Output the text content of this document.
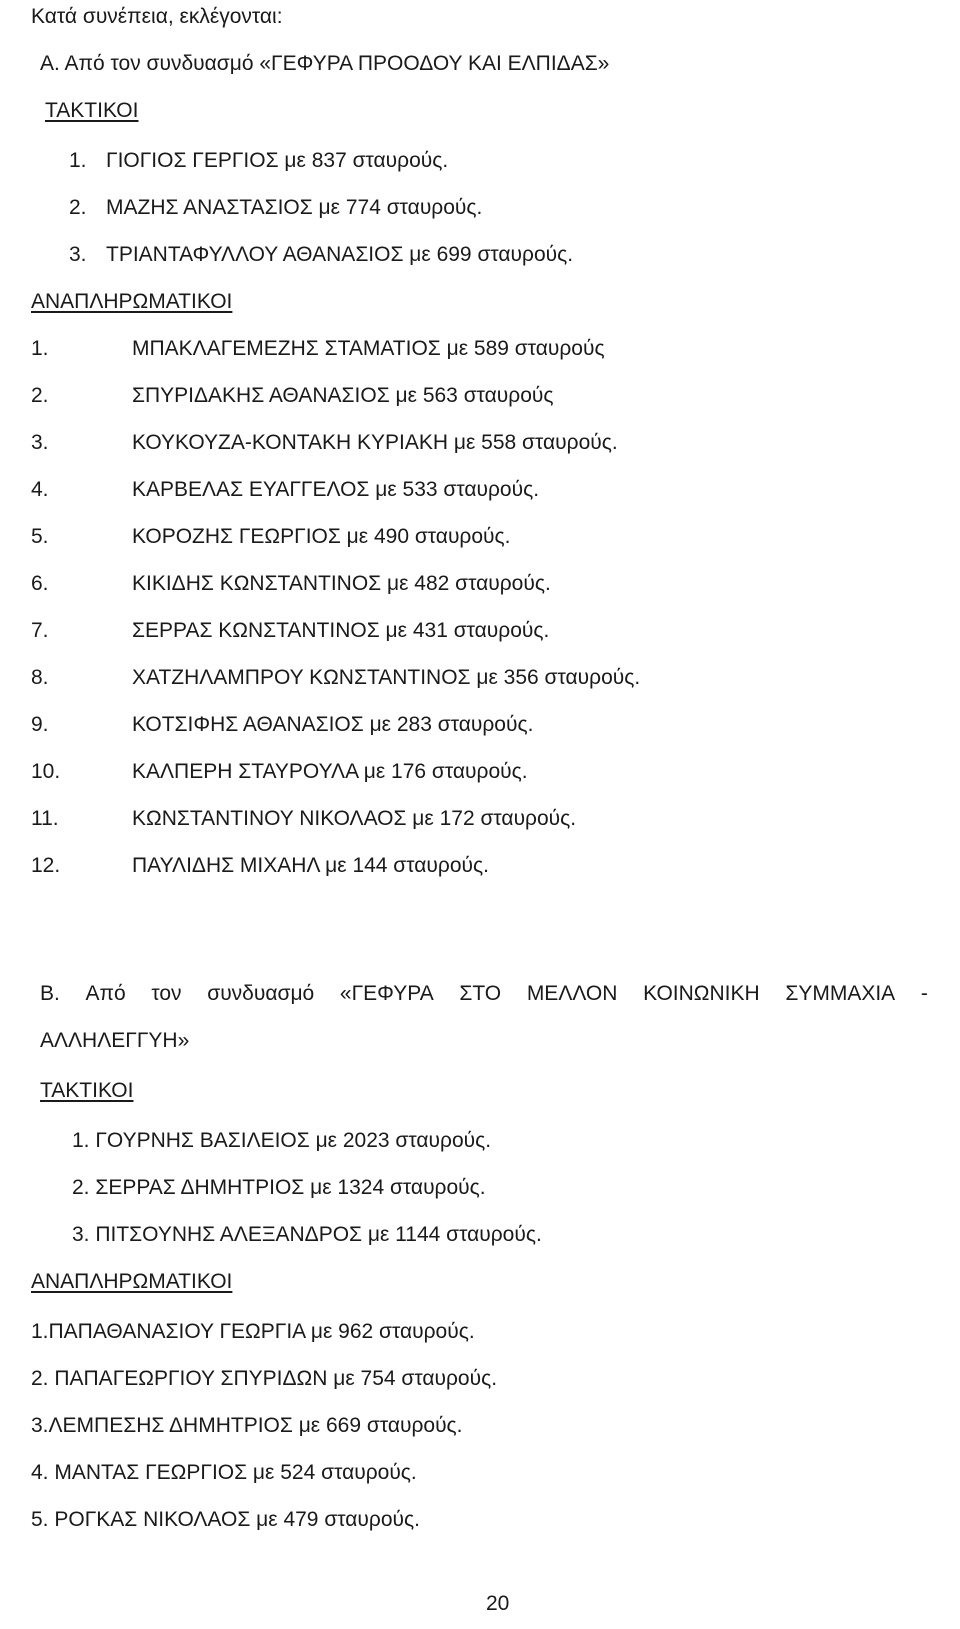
Κατά συνέπεια, εκλέγονται:
Α. Από τον συνδυασμό «ΓΕΦΥΡΑ ΠΡΟΟΔΟΥ ΚΑΙ ΕΛΠΙΔΑΣ»
ΤΑΚΤΙΚΟΙ
1. ΓΙΟΓΙΟΣ ΓΕΡΓΙΟΣ με 837 σταυρούς.
2. ΜΑΖΗΣ ΑΝΑΣΤΑΣΙΟΣ με 774 σταυρούς.
3. ΤΡΙΑΝΤΑΦΥΛΛΟΥ ΑΘΑΝΑΣΙΟΣ με 699 σταυρούς.
ΑΝΑΠΛΗΡΩΜΑΤΙΚΟΙ
1.	ΜΠΑΚΛΑΓΕΜΕΖΗΣ ΣΤΑΜΑΤΙΟΣ με 589 σταυρούς
2.	ΣΠΥΡΙΔΑΚΗΣ ΑΘΑΝΑΣΙΟΣ με 563 σταυρούς
3.	ΚΟΥΚΟΥΖΑ-ΚΟΝΤΑΚΗ ΚΥΡΙΑΚΗ με 558 σταυρούς.
4.	ΚΑΡΒΕΛΑΣ ΕΥΑΓΓΕΛΟΣ με 533 σταυρούς.
5.	ΚΟΡΟΖΗΣ ΓΕΩΡΓΙΟΣ με 490 σταυρούς.
6.	ΚΙΚΙΔΗΣ ΚΩΝΣΤΑΝΤΙΝΟΣ με 482 σταυρούς.
7.	ΣΕΡΡΑΣ ΚΩΝΣΤΑΝΤΙΝΟΣ με 431 σταυρούς.
8.	ΧΑΤΖΗΛΑΜΠΡΟΥ ΚΩΝΣΤΑΝΤΙΝΟΣ με 356 σταυρούς.
9.	ΚΟΤΣΙΦΗΣ ΑΘΑΝΑΣΙΟΣ με 283 σταυρούς.
10.	ΚΑΛΠΕΡΗ ΣΤΑΥΡΟΥΛΑ με 176 σταυρούς.
11.	ΚΩΝΣΤΑΝΤΙΝΟΥ ΝΙΚΟΛΑΟΣ με 172 σταυρούς.
12.	ΠΑΥΛΙΔΗΣ ΜΙΧΑΗΛ με 144 σταυρούς.
Β. Από τον συνδυασμό «ΓΕΦΥΡΑ ΣΤΟ ΜΕΛΛΟΝ ΚΟΙΝΩΝΙΚΗ ΣΥΜΜΑΧΙΑ -
ΑΛΛΗΛΕΓΓΥΗ»
ΤΑΚΤΙΚΟΙ
1. ΓΟΥΡΝΗΣ ΒΑΣΙΛΕΙΟΣ με 2023 σταυρούς.
2. ΣΕΡΡΑΣ ΔΗΜΗΤΡΙΟΣ με 1324 σταυρούς.
3. ΠΙΤΣΟΥΝΗΣ ΑΛΕΞΑΝΔΡΟΣ με 1144 σταυρούς.
ΑΝΑΠΛΗΡΩΜΑΤΙΚΟΙ
1.ΠΑΠΑΘΑΝΑΣΙΟΥ ΓΕΩΡΓΙΑ με 962 σταυρούς.
2. ΠΑΠΑΓΕΩΡΓΙΟΥ ΣΠΥΡΙΔΩΝ με 754 σταυρούς.
3.ΛΕΜΠΕΣΗΣ ΔΗΜΗΤΡΙΟΣ με 669 σταυρούς.
4. ΜΑΝΤΑΣ ΓΕΩΡΓΙΟΣ με 524 σταυρούς.
5. ΡΟΓΚΑΣ ΝΙΚΟΛΑΟΣ με 479 σταυρούς.
20
